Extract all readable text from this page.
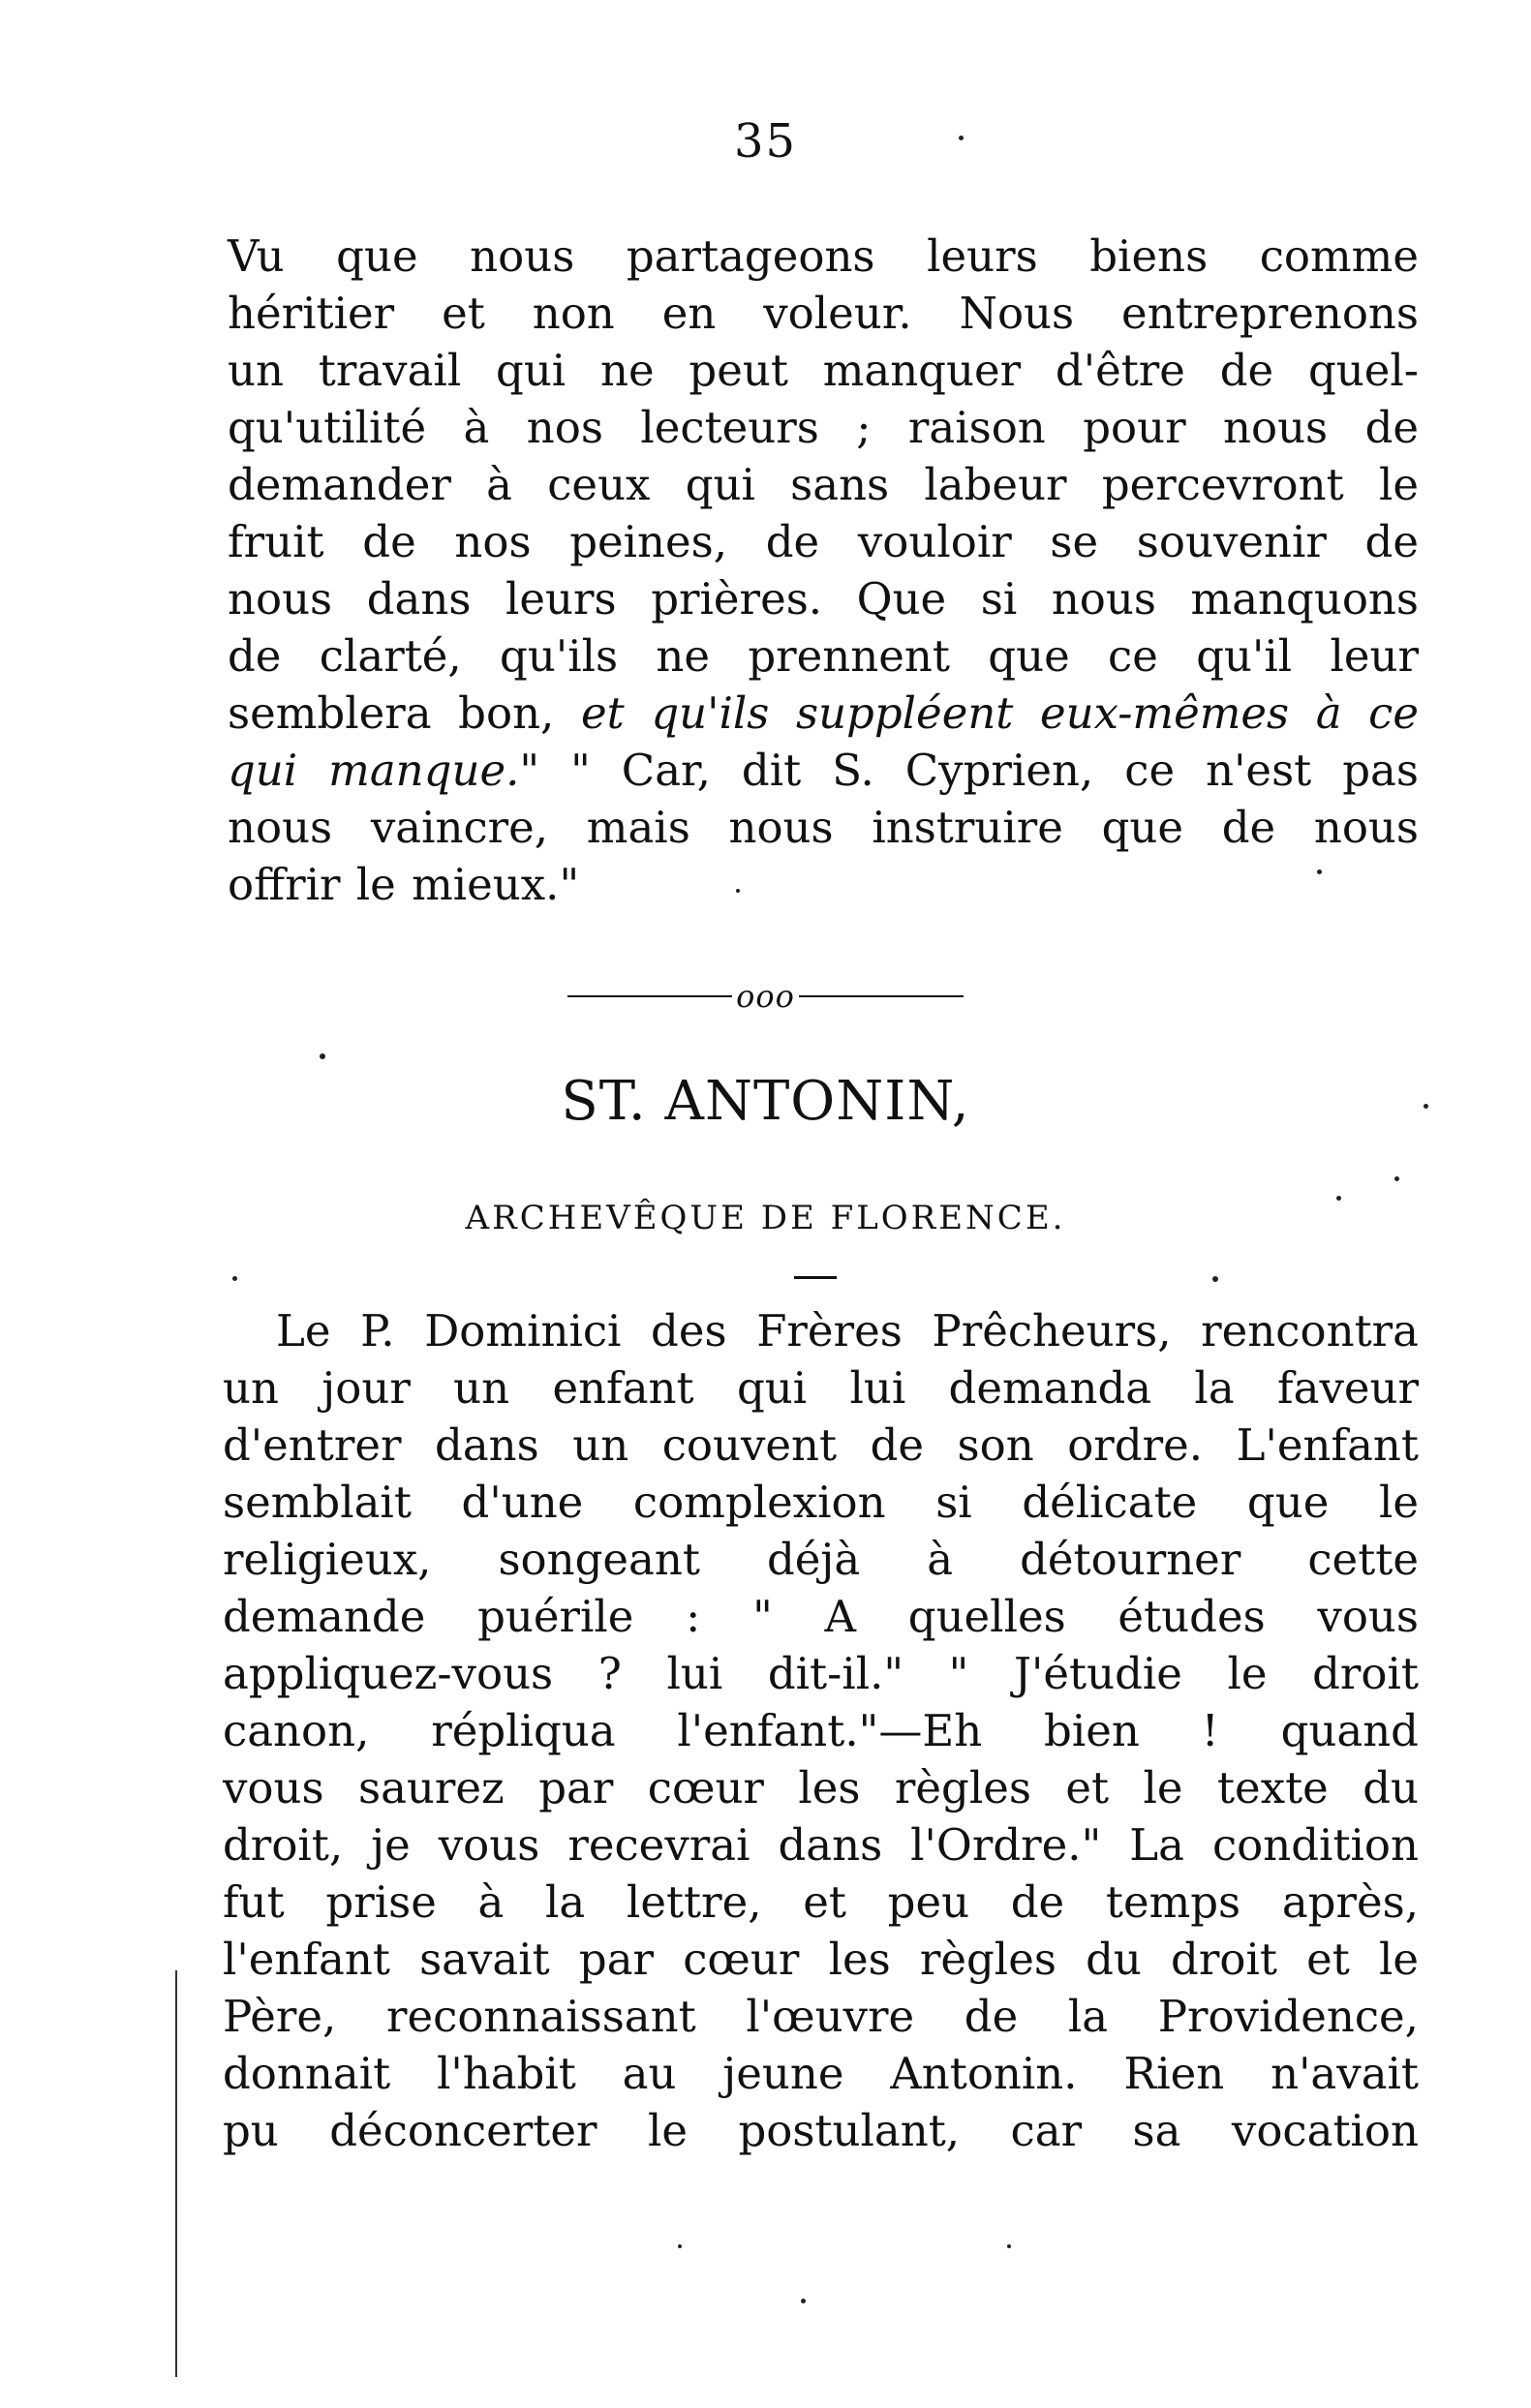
35
Vu que nous partageons leurs biens comme
héritier et non en voleur. Nous entreprenons
un travail qui ne peut manquer d'être de quel-
qu'utilité à nos lecteurs ; raison pour nous de
demander à ceux qui sans labeur percevront le
fruit de nos peines, de vouloir se souvenir de
nous dans leurs prières. Que si nous manquons
de clarté, qu'ils ne prennent que ce qu'il leur
semblera bon, et qu'ils suppléent eux-mêmes à ce
qui manque." " Car, dit S. Cyprien, ce n'est pas
nous vaincre, mais nous instruire que de nous
offrir le mieux."
ooo
ST. ANTONIN,
ARCHEVÊQUE DE FLORENCE.
Le P. Dominici des Frères Prêcheurs, rencontra
un jour un enfant qui lui demanda la faveur
d'entrer dans un couvent de son ordre. L'enfant
semblait d'une complexion si délicate que le
religieux, songeant déjà à détourner cette
demande puérile : " A quelles études vous
appliquez-vous ? lui dit-il." " J'étudie le droit
canon, répliqua l'enfant."—Eh bien ! quand
vous saurez par cœur les règles et le texte du
droit, je vous recevrai dans l'Ordre." La condition
fut prise à la lettre, et peu de temps après,
l'enfant savait par cœur les règles du droit et le
Père, reconnaissant l'œuvre de la Providence,
donnait l'habit au jeune Antonin. Rien n'avait
pu déconcerter le postulant, car sa vocation
